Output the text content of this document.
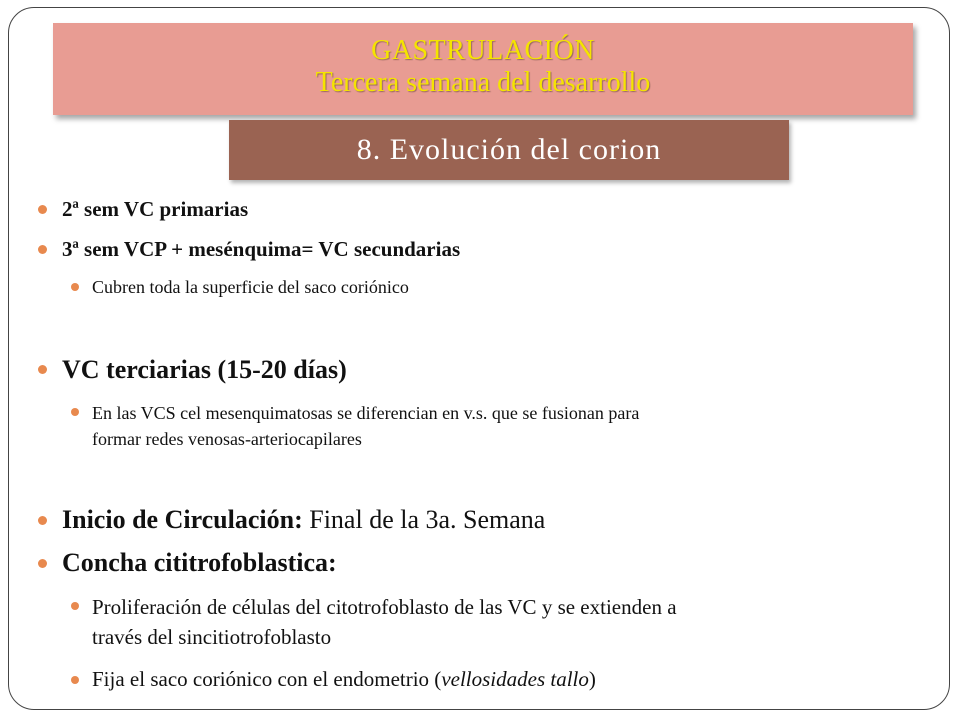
GASTRULACIÓN
Tercera semana del desarrollo
8. Evolución del corion
2ª sem VC primarias
3ª sem VCP + mesénquima= VC secundarias
Cubren toda la superficie del saco coriónico
VC terciarias (15-20 días)
En las VCS cel mesenquimatosas se diferencian en v.s. que se fusionan para
formar redes venosas-arteriocapilares
Inicio de Circulación: Final de la 3a. Semana
Concha cititrofoblastica:
Proliferación de células del citotrofoblasto de las VC y se extienden a
través del sincitiotrofoblasto
Fija el saco coriónico con el endometrio (vellosidades tallo)
